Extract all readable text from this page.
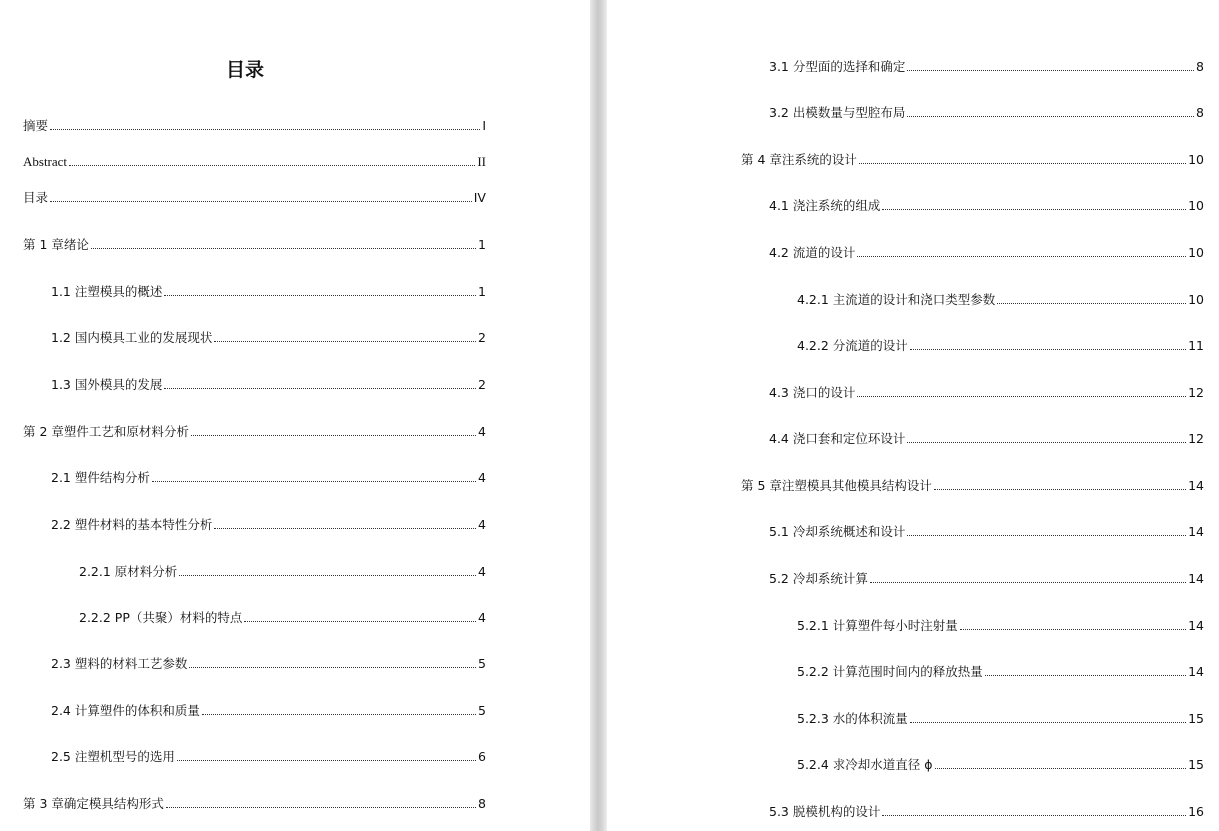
目录
摘要	I
Abstract	II
目录	IV
第 1 章绪论	1
1.1 注塑模具的概述	1
1.2 国内模具工业的发展现状	2
1.3 国外模具的发展	2
第 2 章塑件工艺和原材料分析	4
2.1 塑件结构分析	4
2.2 塑件材料的基本特性分析	4
2.2.1 原材料分析	4
2.2.2 PP（共聚）材料的特点	4
2.3 塑料的材料工艺参数	5
2.4 计算塑件的体积和质量	5
2.5 注塑机型号的选用	6
第 3 章确定模具结构形式	8
3.1 分型面的选择和确定	8
3.2 出模数量与型腔布局	8
第 4 章注系统的设计	10
4.1 浇注系统的组成	10
4.2 流道的设计	10
4.2.1 主流道的设计和浇口类型参数	10
4.2.2 分流道的设计	11
4.3 浇口的设计	12
4.4 浇口套和定位环设计	12
第 5 章注塑模具其他模具结构设计	14
5.1 冷却系统概述和设计	14
5.2 冷却系统计算	14
5.2.1 计算塑件每小时注射量	14
5.2.2 计算范围时间内的释放热量	14
5.2.3 水的体积流量	15
5.2.4 求冷却水道直径 ϕ	15
5.3 脱模机构的设计	16
